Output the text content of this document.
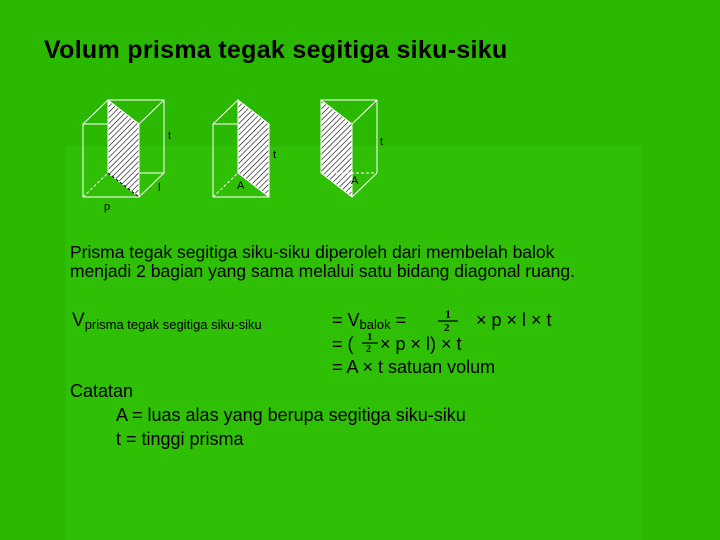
Volum prisma tegak segitiga siku-siku
t
l
p
t
A
t
A
Prisma tegak segitiga siku-siku diperoleh dari membelah balok
menjadi 2 bagian yang sama melalui satu bidang diagonal ruang.
$V_{prisma tegak segitiga siku-siku}$	= $V_{balok}$ =	1
2 × p × l × t
= ( 1
2 × p × l) × t
= A × t satuan volum
Catatan
A = luas alas yang berupa segitiga siku-siku
t = tinggi prisma
